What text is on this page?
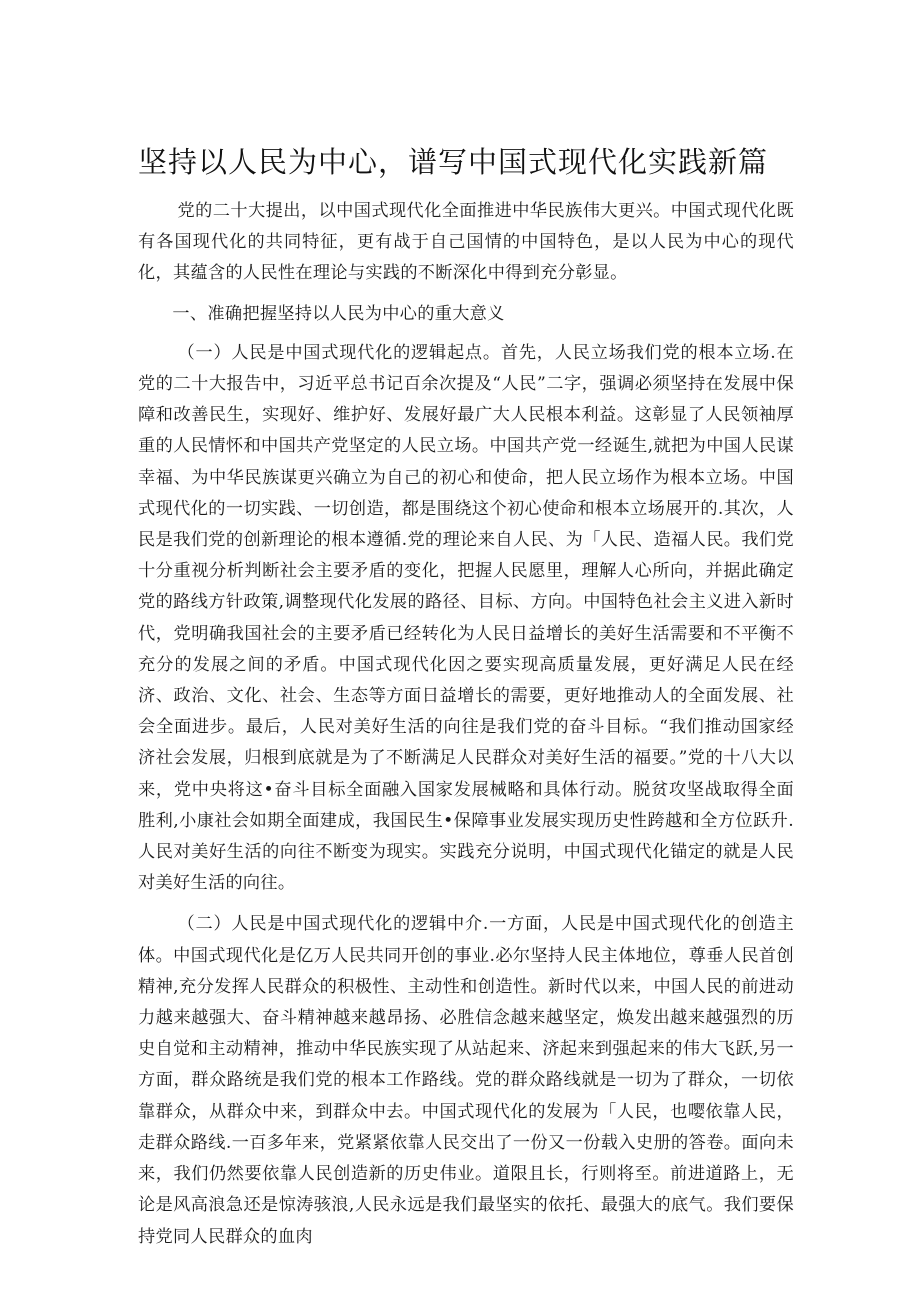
坚持以人民为中心，谱写中国式现代化实践新篇

党的二十大提出，以中国式现代化全面推进中华民族伟大更兴。中国式现代化既有各国现代化的共同特征，更有战于自己国情的中国特色，是以人民为中心的现代化，其蕴含的人民性在理论与实践的不断深化中得到充分彰显。

一、准确把握坚持以人民为中心的重大意义

（一）人民是中国式现代化的逻辑起点。首先，人民立场我们党的根本立场.在党的二十大报告中，习近平总书记百余次提及“人民”二字，强调必须坚持在发展中保障和改善民生，实现好、维护好、发展好最广大人民根本利益。这彰显了人民领袖厚重的人民情怀和中国共产党坚定的人民立场。中国共产党一经诞生,就把为中国人民谋幸福、为中华民族谋更兴确立为自己的初心和使命，把人民立场作为根本立场。中国式现代化的一切实践、一切创造，都是围绕这个初心使命和根本立场展开的.其次，人民是我们党的创新理论的根本遵循.党的理论来自人民、为「人民、造福人民。我们党十分重视分析判断社会主要矛盾的变化，把握人民愿里，理解人心所向，并据此确定党的路线方针政策,调整现代化发展的路径、目标、方向。中国特色社会主义进入新时代，党明确我国社会的主要矛盾已经转化为人民日益增长的美好生活需要和不平衡不充分的发展之间的矛盾。中国式现代化因之要实现高质量发展，更好满足人民在经济、政治、文化、社会、生态等方面日益增长的需要，更好地推动人的全面发展、社会全面进步。最后，人民对美好生活的向往是我们党的奋斗目标。“我们推动国家经济社会发展，归根到底就是为了不断满足人民群众对美好生活的福要。”党的十八大以来，党中央将这•奋斗目标全面融入国家发展械略和具体行动。脱贫攻坚战取得全面胜利,小康社会如期全面建成，我国民生•保障事业发展实现历史性跨越和全方位跃升.人民对美好生活的向往不断变为现实。实践充分说明，中国式现代化锚定的就是人民对美好生活的向往。

（二）人民是中国式现代化的逻辑中介.一方面，人民是中国式现代化的创造主体。中国式现代化是亿万人民共同开创的事业.必尔坚持人民主体地位，尊垂人民首创精神,充分发挥人民群众的积极性、主动性和创造性。新时代以来，中国人民的前进动力越来越强大、奋斗精神越来越昂扬、必胜信念越来越坚定，焕发出越来越强烈的历史自觉和主动精神，推动中华民族实现了从站起来、济起来到强起来的伟大飞跃,另一方面，群众路统是我们党的根本工作路线。党的群众路线就是一切为了群众，一切依靠群众，从群众中来，到群众中去。中国式现代化的发展为「人民，也嘤依靠人民，走群众路线.一百多年来，党紧紧依靠人民交出了一份又一份载入史册的答卷。面向未来，我们仍然要依靠人民创造新的历史伟业。道限且长，行则将至。前进道路上，无论是风高浪急还是惊涛骇浪,人民永远是我们最坚实的依托、最强大的底气。我们要保持党同人民群众的血肉
